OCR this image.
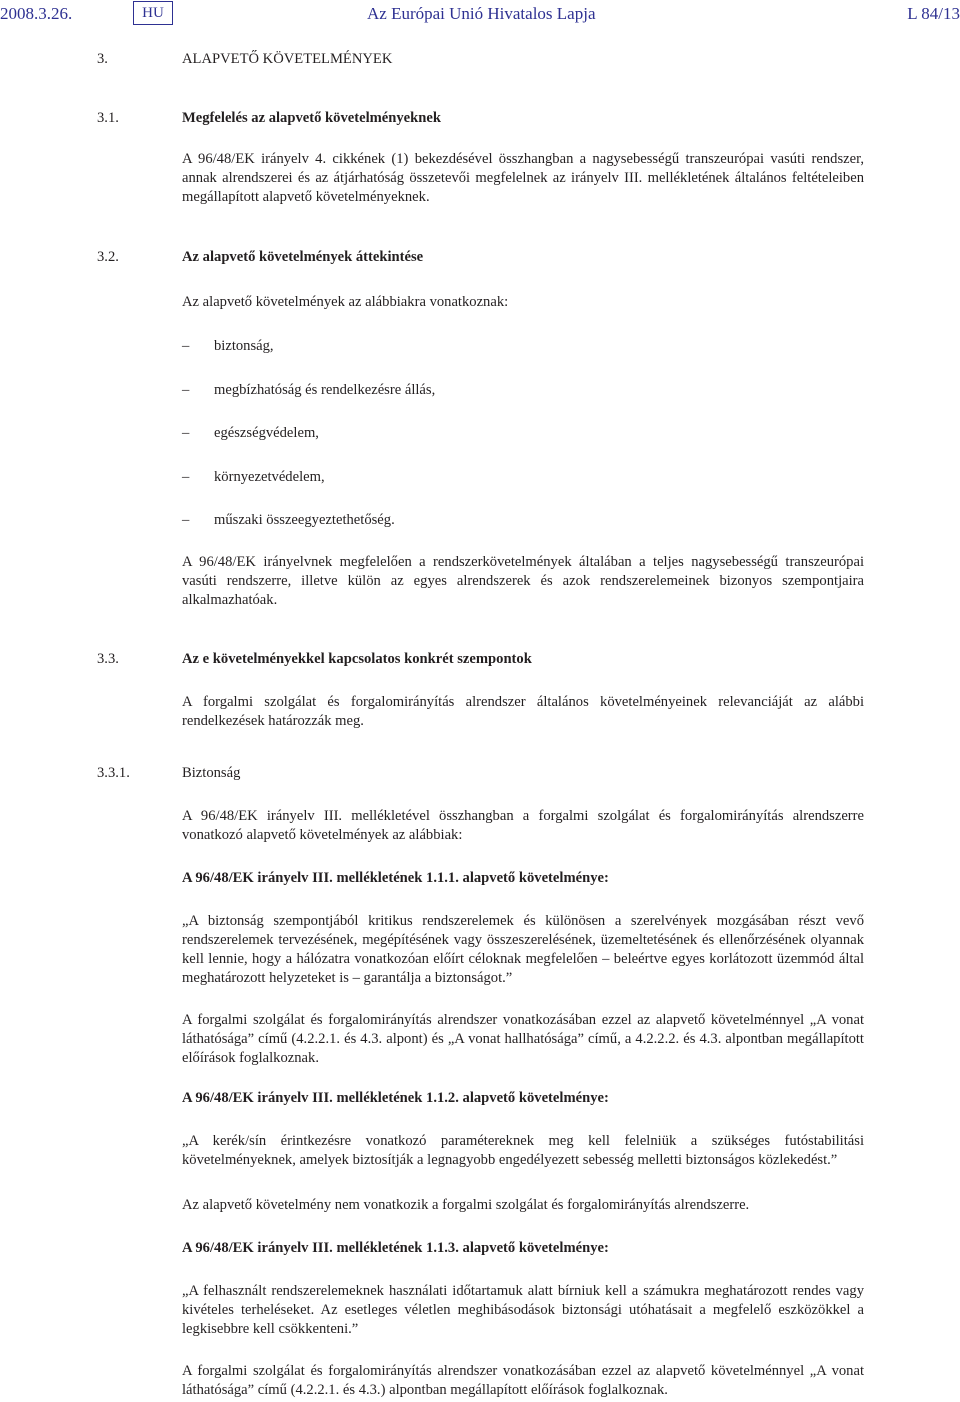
2008.3.26.	HU	Az Európai Unió Hivatalos Lapja	L 84/13
3.	ALAPVETŐ KÖVETELMÉNYEK
3.1.	Megfelelés az alapvető követelményeknek
A 96/48/EK irányelv 4. cikkének (1) bekezdésével összhangban a nagysebességű transzeurópai vasúti rendszer, annak alrendszerei és az átjárhatóság összetevői megfelelnek az irányelv III. mellékletének általános feltételeiben megállapított alapvető követelményeknek.
3.2.	Az alapvető követelmények áttekintése
Az alapvető követelmények az alábbiakra vonatkoznak:
– biztonság,
– megbízhatóság és rendelkezésre állás,
– egészségvédelem,
– környezetvédelem,
– műszaki összeegyeztethetőség.
A 96/48/EK irányelvnek megfelelően a rendszerkövetelmények általában a teljes nagysebességű transzeurópai vasúti rendszerre, illetve külön az egyes alrendszerek és azok rendszerelemeinek bizonyos szempontjaira alkalmazhatóak.
3.3.	Az e követelményekkel kapcsolatos konkrét szempontok
A forgalmi szolgálat és forgalomirányítás alrendszer általános követelményeinek relevanciáját az alábbi rendelkezések határozzák meg.
3.3.1.	Biztonság
A 96/48/EK irányelv III. mellékletével összhangban a forgalmi szolgálat és forgalomirányítás alrendszerre vonatkozó alapvető követelmények az alábbiak:
A 96/48/EK irányelv III. mellékletének 1.1.1. alapvető követelménye:
„A biztonság szempontjából kritikus rendszerelemek és különösen a szerelvények mozgásában részt vevő rendszerelemek tervezésének, megépítésének vagy összeszerelésének, üzemeltetésének és ellenőrzésének olyannak kell lennie, hogy a hálózatra vonatkozóan előírt céloknak megfelelően – beleértve egyes korlátozott üzemmód által meghatározott helyzeteket is – garantálja a biztonságot.”
A forgalmi szolgálat és forgalomirányítás alrendszer vonatkozásában ezzel az alapvető követelménnyel „A vonat láthatósága” című (4.2.2.1. és 4.3. alpont) és „A vonat hallhatósága” című, a 4.2.2.2. és 4.3. alpontban megállapított előírások foglalkoznak.
A 96/48/EK irányelv III. mellékletének 1.1.2. alapvető követelménye:
„A kerék/sín érintkezésre vonatkozó paramétereknek meg kell felelniük a szükséges futóstabilitási követelményeknek, amelyek biztosítják a legnagyobb engedélyezett sebesség melletti biztonságos közlekedést.”
Az alapvető követelmény nem vonatkozik a forgalmi szolgálat és forgalomirányítás alrendszerre.
A 96/48/EK irányelv III. mellékletének 1.1.3. alapvető követelménye:
„A felhasznált rendszerelemeknek használati időtartamuk alatt bírniuk kell a számukra meghatározott rendes vagy kivételes terheléseket. Az esetleges véletlen meghibásodások biztonsági utóhatásait a megfelelő eszközökkel a legkisebbre kell csökkenteni.”
A forgalmi szolgálat és forgalomirányítás alrendszer vonatkozásában ezzel az alapvető követelménnyel „A vonat láthatósága” című (4.2.2.1. és 4.3.) alpontban megállapított előírások foglalkoznak.
